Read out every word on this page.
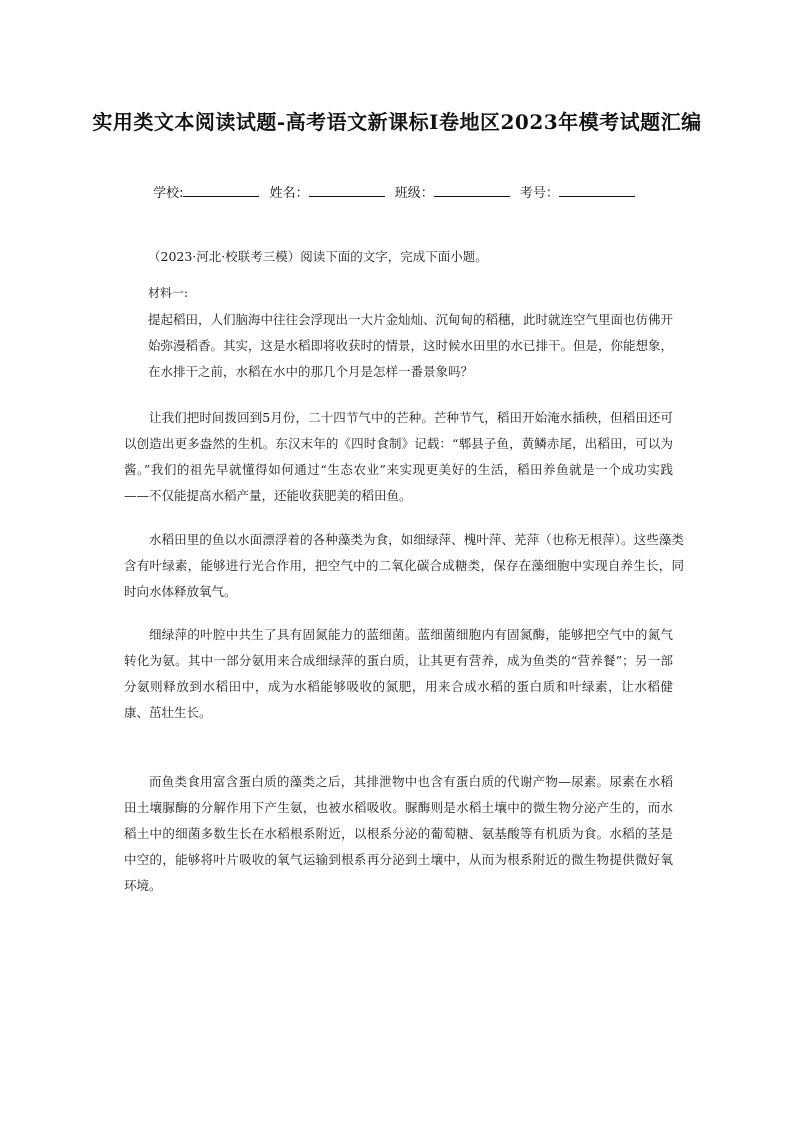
实用类文本阅读试题-高考语文新课标Ⅰ卷地区2023年模考试题汇编
学校:	姓名：	班级：	考号：
（2023·河北·校联考三模）阅读下面的文字，完成下面小题。
材料一:
提起稻田，人们脑海中往往会浮现出一大片金灿灿、沉甸甸的稻穗，此时就连空气里面也仿佛开始弥漫稻香。其实，这是水稻即将收获时的情景，这时候水田里的水已排干。但是，你能想象，在水排干之前，水稻在水中的那几个月是怎样一番景象吗？
让我们把时间拨回到5月份，二十四节气中的芒种。芒种节气，稻田开始淹水插秧，但稻田还可以创造出更多盎然的生机。东汉末年的《四时食制》记载：“郫县子鱼，黄鳞赤尾，出稻田，可以为酱。”我们的祖先早就懂得如何通过“生态农业”来实现更美好的生活，稻田养鱼就是一个成功实践——不仅能提高水稻产量，还能收获肥美的稻田鱼。
水稻田里的鱼以水面漂浮着的各种藻类为食，如细绿萍、槐叶萍、芜萍（也称无根萍）。这些藻类含有叶绿素，能够进行光合作用，把空气中的二氧化碳合成糖类，保存在藻细胞中实现自养生长，同时向水体释放氧气。
细绿萍的叶腔中共生了具有固氮能力的蓝细菌。蓝细菌细胞内有固氮酶，能够把空气中的氮气转化为氨。其中一部分氨用来合成细绿萍的蛋白质，让其更有营养，成为鱼类的“营养餐”；另一部分氨则释放到水稻田中，成为水稻能够吸收的氮肥，用来合成水稻的蛋白质和叶绿素，让水稻健康、茁壮生长。
而鱼类食用富含蛋白质的藻类之后，其排泄物中也含有蛋白质的代谢产物—尿素。尿素在水稻田土壤脲酶的分解作用下产生氨，也被水稻吸收。脲酶则是水稻土壤中的微生物分泌产生的，而水稻土中的细菌多数生长在水稻根系附近，以根系分泌的葡萄糖、氨基酸等有机质为食。水稻的茎是中空的，能够将叶片吸收的氧气运输到根系再分泌到土壤中，从而为根系附近的微生物提供微好氧环境。
